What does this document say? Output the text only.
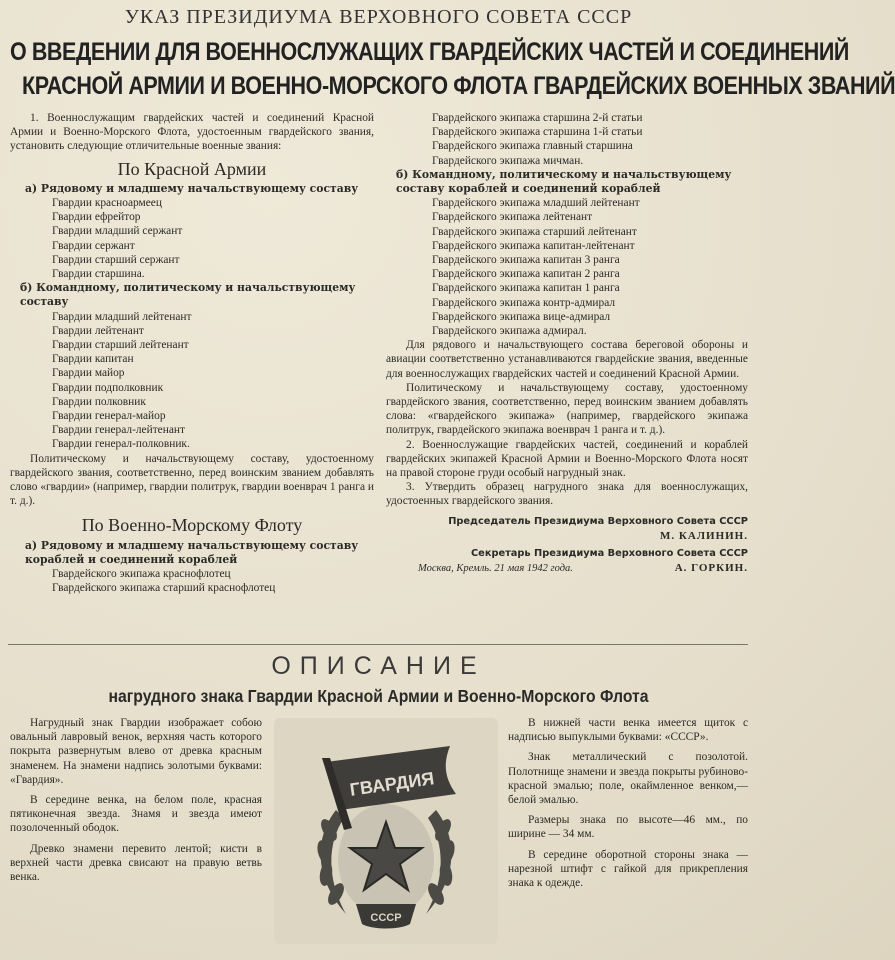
УКАЗ ПРЕЗИДИУМА ВЕРХОВНОГО СОВЕТА СССР
О ВВЕДЕНИИ ДЛЯ ВОЕННОСЛУЖАЩИХ ГВАРДЕЙСКИХ ЧАСТЕЙ И СОЕДИНЕНИЙ
КРАСНОЙ АРМИИ И ВОЕННО-МОРСКОГО ФЛОТА ГВАРДЕЙСКИХ ВОЕННЫХ ЗВАНИЙ
1. Военнослужащим гвардейских частей и соединений Красной Армии и Военно-Морского Флота, удостоенным гвардейского звания, установить следующие отличительные военные звания:
По Красной Армии
а) Рядовому и младшему начальствующему составу
Гвардии красноармеец
Гвардии ефрейтор
Гвардии младший сержант
Гвардии сержант
Гвардии старший сержант
Гвардии старшина.
б) Командному, политическому и начальствующему составу
Гвардии младший лейтенант
Гвардии лейтенант
Гвардии старший лейтенант
Гвардии капитан
Гвардии майор
Гвардии подполковник
Гвардии полковник
Гвардии генерал-майор
Гвардии генерал-лейтенант
Гвардии генерал-полковник.
Политическому и начальствующему составу, удостоенному гвардейского звания, соответственно, перед воинским званием добавлять слово «гвардии» (например, гвардии политрук, гвардии военврач 1 ранга и т. д.).
По Военно-Морскому Флоту
а) Рядовому и младшему начальствующему составу кораблей и соединений кораблей
Гвардейского экипажа краснофлотец
Гвардейского экипажа старший краснофлотец
Гвардейского экипажа старшина 2-й статьи
Гвардейского экипажа старшина 1-й статьи
Гвардейского экипажа главный старшина
Гвардейского экипажа мичман.
б) Командному, политическому и начальствующему составу кораблей и соединений кораблей
Гвардейского экипажа младший лейтенант
Гвардейского экипажа лейтенант
Гвардейского экипажа старший лейтенант
Гвардейского экипажа капитан-лейтенант
Гвардейского экипажа капитан 3 ранга
Гвардейского экипажа капитан 2 ранга
Гвардейского экипажа капитан 1 ранга
Гвардейского экипажа контр-адмирал
Гвардейского экипажа вице-адмирал
Гвардейского экипажа адмирал.
Для рядового и начальствующего состава береговой обороны и авиации соответственно устанавливаются гвардейские звания, введенные для военнослужащих гвардейских частей и соединений Красной Армии.
Политическому и начальствующему составу, удостоенному гвардейского звания, соответственно, перед воинским званием добавлять слова: «гвардейского экипажа» (например, гвардейского экипажа политрук, гвардейского экипажа военврач 1 ранга и т. д.).
2. Военнослужащие гвардейских частей, соединений и кораблей гвардейских экипажей Красной Армии и Военно-Морского Флота носят на правой стороне груди особый нагрудный знак.
3. Утвердить образец нагрудного знака для военнослужащих, удостоенных гвардейского звания.
Председатель Президиума Верховного Совета СССР
М. КАЛИНИН.
Секретарь Президиума Верховного Совета СССР
А. ГОРКИН.
Москва, Кремль. 21 мая 1942 года.
ОПИСАНИЕ
нагрудного знака Гвардии Красной Армии и Военно-Морского Флота

Нагрудный знак Гвардии изображает собою овальный лавровый венок, верхняя часть которого покрыта развернутым влево от древка красным знаменем. На знамени надпись золотыми буквами: «Гвардия».

В середине венка, на белом поле, красная пятиконечная звезда. Знамя и звезда имеют позолоченный ободок.

Древко знамени перевито лентой; кисти в верхней части древка свисают на правую ветвь венка.

ГВАРДИЯ
СССР

В нижней части венка имеется щиток с надписью выпуклыми буквами: «СССР».

Знак металлический с позолотой. Полотнище знамени и звезда покрыты рубиново-красной эмалью; поле, окаймленное венком,—белой эмалью.

Размеры знака по высоте—46 мм., по ширине — 34 мм.

В середине оборотной стороны знака — нарезной штифт с гайкой для прикрепления знака к одежде.
